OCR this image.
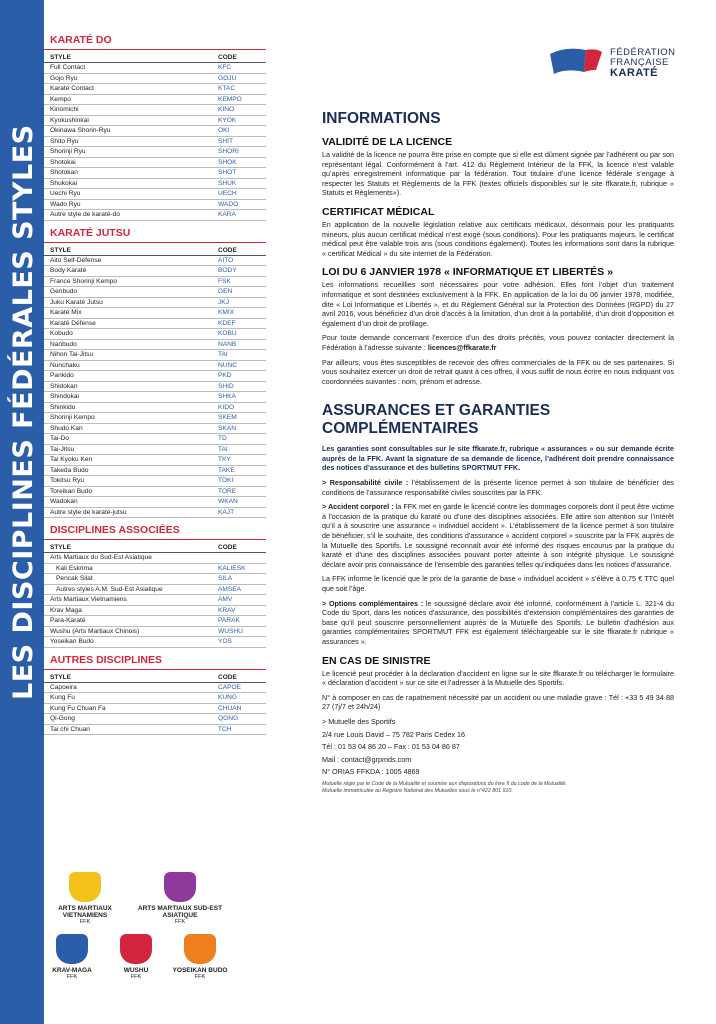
LES DISCIPLINES FÉDÉRALES STYLES
KARATÉ DO
STYLE	CODE
Full Contact	KFC
Gojo Ryu	GOJU
Karaté Contact	KTAC
Kempo	KEMPO
Kinomichi	KINO
Kyokushinkai	KYOK
Okinawa Shorin-Ryu	OKI
Shito Ryu	SHIT
Shorinji Ryu	SHORI
Shotokai	SHOK
Shotokan	SHOT
Shukokai	SHUK
Uechi Ryu	UECH
Wado Ryu	WADO
Autre style de karaté-do	KARA
KARATÉ JUTSU
STYLE	CODE
Aito Self-Défense	AITO
Body Karaté	BODY
France Shorinji Kempo	FSK
Genbudo	GEN
Juku Karaté Jutsu	JKJ
Karaté Mix	KMIX
Karaté Défense	KDEF
Kobudo	KOBU
Nanbudo	NANB
Nihon Tai-Jitsu	TAI
Nunchaku	NUNC
Pankido	PKD
Shidokan	SHID
Shindokai	SHKA
Shinkido	KIDO
Shorinji Kempo	SKEM
Shudo Kan	SKAN
Tai-Do	TD
Tai-Jitsu	TAI
Tai Kyoku Ken	TKY
Takeda Budo	TAKE
Tokitsu Ryu	TOKI
Toreikan Budo	TORE
Wadokan	WKAN
Autre style de karaté-jutsu	KAJT
DISCIPLINES ASSOCIÉES
STYLE	CODE
Arts Martiaux du Sud-Est Asiatique
Kali Eskrima	KALIESK
Pencak Silat	SILA
Autres styles A.M. Sud-Est Asiatique	AMSEA
Arts Martiaux Vietnamiens	AMV
Krav Maga	KRAV
Para-Karaté	PARAK
Wushu (Arts Martiaux Chinois)	WUSHU
Yoseikan Budo	YOS
AUTRES DISCIPLINES
STYLE	CODE
Capoeira	CAPOE
Kung Fu	KUNG
Kung Fu Chuan Fa	CHUAN
Qi-Gong	QGNG
Tai chi Chuan	TCH
FÉDÉRATION
FRANÇAISE
KARATÉ
INFORMATIONS
VALIDITÉ DE LA LICENCE

La validité de la licence ne pourra être prise en compte que si elle est dûment signée par l’adhérent ou par son représentant légal. Conformément à l’art. 412 du Règlement Intérieur de la FFK, la licence n’est valable qu’après enregistrement informatique par la fédération. Tout titulaire d’une licence fédérale s’engage à respecter les Statuts et Règlements de la FFK (textes officiels disponibles sur le site ffkarate.fr, rubrique « Statuts et Règlements»).

CERTIFICAT MÉDICAL

En application de la nouvelle législation relative aux certificats médicaux, désormais pour les pratiquants mineurs, plus aucun certificat médical n’est exigé (sous conditions). Pour les pratiquants majeurs, le certificat médical peut être valable trois ans (sous conditions également). Toutes les informations sont dans la rubrique « certificat Médical » du site internet de la Fédération.

LOI DU 6 JANVIER 1978 « INFORMATIQUE ET LIBERTÉS »

Les informations recueillies sont nécessaires pour votre adhésion. Elles font l’objet d’un traitement informatique et sont destinées exclusivement à la FFK. En application de la loi du 06 janvier 1978, modifiée, dite « Loi Informatique et Libertés », et du Règlement Général sur la Protection des Données (RGPD) du 27 avril 2016, vous bénéficiez d’un droit d’accès à la limitation, d’un droit à la portabilité, d’un droit d’opposition et également d’un droit de profilage.

Pour toute demande concernant l’exercice d’un des droits précités, vous pouvez contacter directement la Fédération à l’adresse suivante : licences@ffkarate.fr

Par ailleurs, vous êtes susceptibles de recevoir des offres commerciales de la FFK ou de ses partenaires. Si vous souhaitez exercer un droit de retrait quant à ces offres, il vous suffit de nous écrire en nous indiquant vos coordonnées suivantes : nom, prénom et adresse.

ASSURANCES ET GARANTIES COMPLÉMENTAIRES

Les garanties sont consultables sur le site ffkarate.fr, rubrique « assurances » ou sur demande écrite auprès de la FFK. Avant la signature de sa demande de licence, l’adhérent doit prendre connaissance des notices d’assurance et des bulletins SPORTMUT FFK.

> Responsabilité civile : l’établissement de la présente licence permet à son titulaire de bénéficier des conditions de l’assurance responsabilité civiles souscrites par la FFK.

> Accident corporel : la FFK met en garde le licencié contre les dommages corporels dont il peut être victime à l’occasion de la pratique du karaté ou d’une des disciplines associées. Elle attire son attention sur l’intérêt qu’il a à souscrire une assurance « individuel accident ». L’établissement de la licence permet à son titulaire de bénéficier, s’il le souhaite, des conditions d’assurance « accident corporel » souscrite par la FFK auprès de la Mutuelle des Sportifs. Le soussigné reconnaît avoir été informé des risques encourus par la pratique du karaté et d’une des disciplines associées pouvant porter atteinte à son intégrité physique. Le soussigné déclare avoir pris connaissance de l’ensemble des garanties telles qu’indiquées dans les notices d’assurance.

La FFK informe le licencié que le prix de la garantie de base « individuel accident » s’élève à 0,75 € TTC quel que soit l’âge.

> Options complémentaires : le soussigné déclare avoir été informé, conformément à l’article L. 321-4 du Code du Sport, dans les notices d’assurance, des possibilités d’extension complémentaires des garanties de base qu’il peut souscrire personnellement auprès de la Mutuelle des Sportifs. Le bulletin d’adhésion aux garanties complémentaires SPORTMUT FFK est également téléchargeable sur le site ffkarate.fr rubrique « assurances ».

EN CAS DE SINISTRE

Le licencié peut procéder à la déclaration d’accident en ligne sur le site ffkarate.fr ou télécharger le formulaire « déclaration d’accident » sur ce site et l’adresser à la Mutuelle des Sportifs.

N° à composer en cas de rapatriement nécessité par un accident ou une maladie grave : Tél : +33 5 49 34 88 27 (7j/7 et 24h/24)

> Mutuelle des Sportifs

2/4 rue Louis David – 75 782 Paris Cedex 16

Tél : 01 53 04 86 20 – Fax : 01 53 04 86 87

Mail : contact@grpmds.com

N° ORIAS FFKDA : 1005 4869

Mutuelle régie par le Code de la Mutualité et soumise aux dispositions du livre II du code de la Mutualité.
Mutuelle immatriculée au Registre National des Mutuelles sous le n°422 801 910.
ARTS MARTIAUX VIETNAMIENS
FFK
ARTS MARTIAUX SUD-EST ASIATIQUE
FFK
KRAV-MAGA
FFK
WUSHU
FFK
YOSEIKAN BUDO
FFK
